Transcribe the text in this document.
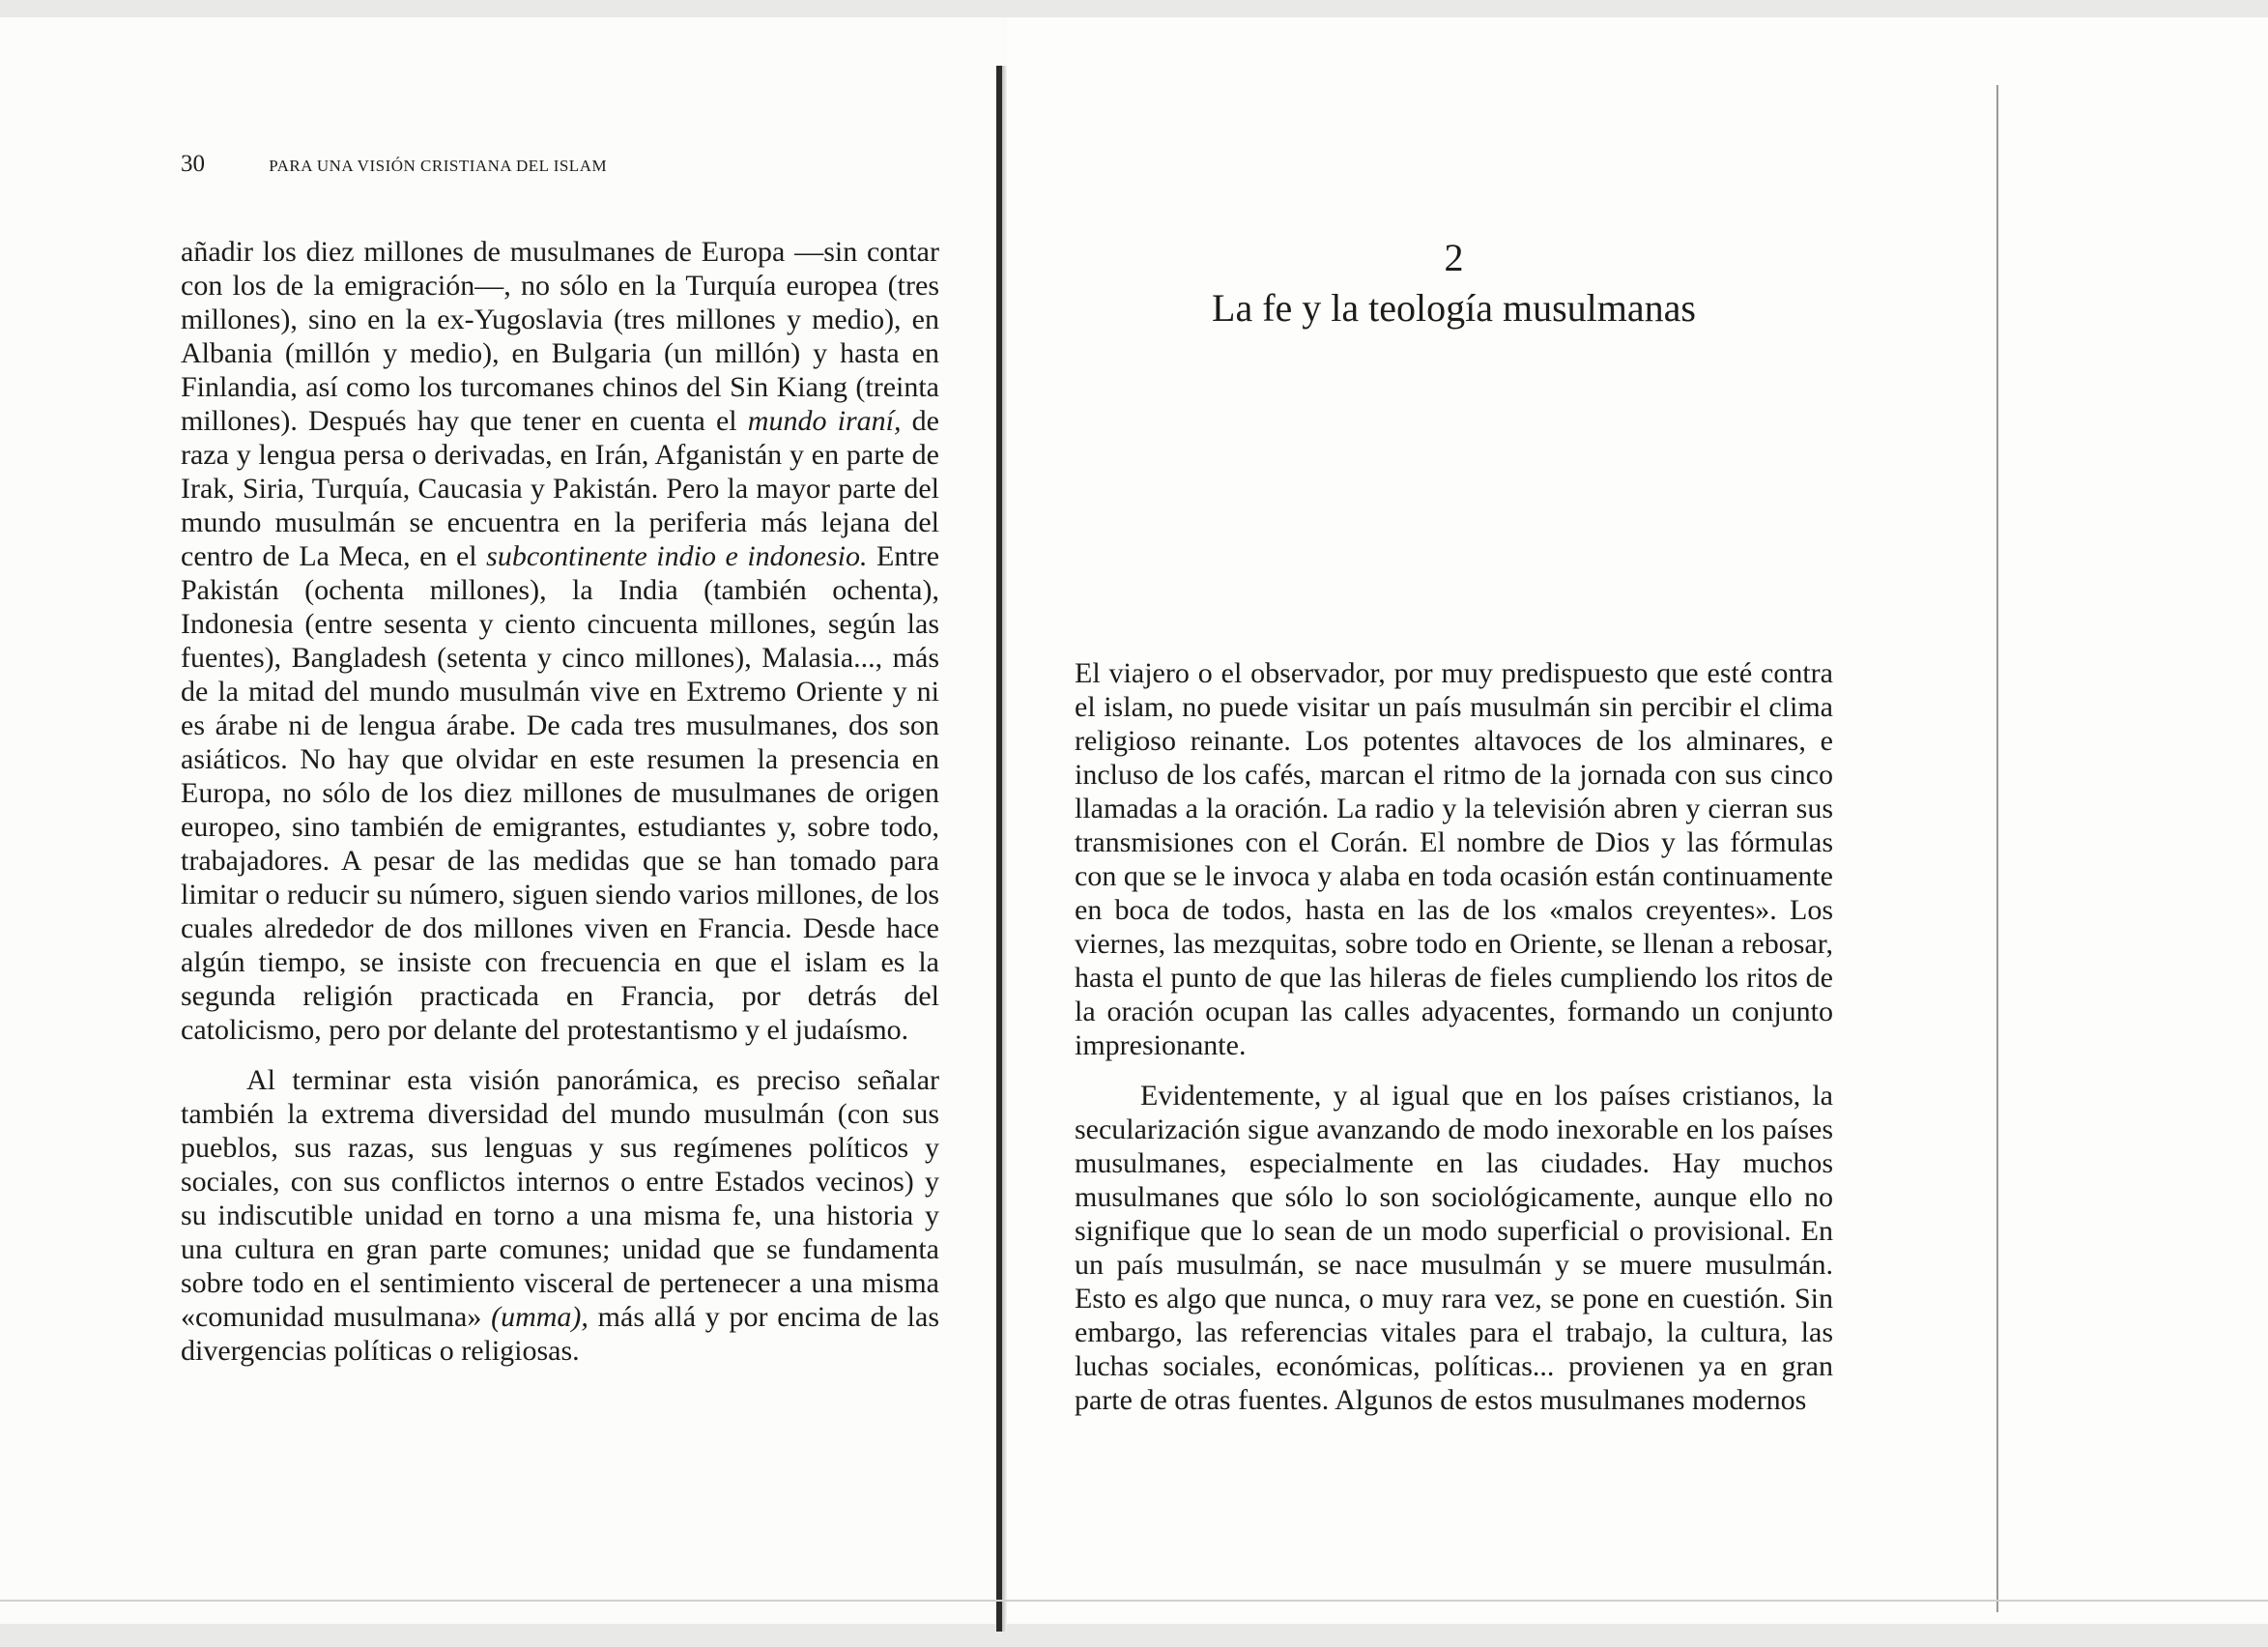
30	PARA UNA VISIÓN CRISTIANA DEL ISLAM

añadir los diez millones de musulmanes de Europa —sin contar con los de la emigración—, no sólo en la Turquía europea (tres millones), sino en la ex-Yugoslavia (tres millones y medio), en Albania (millón y medio), en Bulgaria (un millón) y hasta en Finlandia, así como los turcomanes chinos del Sin Kiang (treinta millones). Después hay que tener en cuenta el mundo iraní, de raza y lengua persa o derivadas, en Irán, Afganistán y en parte de Irak, Siria, Turquía, Caucasia y Pakistán. Pero la mayor parte del mundo musulmán se encuentra en la periferia más lejana del centro de La Meca, en el subcontinente indio e indonesio. Entre Pakistán (ochenta millones), la India (también ochenta), Indonesia (entre sesenta y ciento cincuenta millones, según las fuentes), Bangladesh (setenta y cinco millones), Malasia..., más de la mitad del mundo musulmán vive en Extremo Oriente y ni es árabe ni de lengua árabe. De cada tres musulmanes, dos son asiáticos. No hay que olvidar en este resumen la presencia en Europa, no sólo de los diez millones de musulmanes de origen europeo, sino también de emigrantes, estudiantes y, sobre todo, trabajadores. A pesar de las medidas que se han tomado para limitar o reducir su número, siguen siendo varios millones, de los cuales alrededor de dos millones viven en Francia. Desde hace algún tiempo, se insiste con frecuencia en que el islam es la segunda religión practicada en Francia, por detrás del catolicismo, pero por delante del protestantismo y el judaísmo.

Al terminar esta visión panorámica, es preciso señalar también la extrema diversidad del mundo musulmán (con sus pueblos, sus razas, sus lenguas y sus regímenes políticos y sociales, con sus conflictos internos o entre Estados vecinos) y su indiscutible unidad en torno a una misma fe, una historia y una cultura en gran parte comunes; unidad que se fundamenta sobre todo en el sentimiento visceral de pertenecer a una misma «comunidad musulmana» (umma), más allá y por encima de las divergencias políticas o religiosas.

2
La fe y la teología musulmanas

El viajero o el observador, por muy predispuesto que esté contra el islam, no puede visitar un país musulmán sin percibir el clima religioso reinante. Los potentes altavoces de los alminares, e incluso de los cafés, marcan el ritmo de la jornada con sus cinco llamadas a la oración. La radio y la televisión abren y cierran sus transmisiones con el Corán. El nombre de Dios y las fórmulas con que se le invoca y alaba en toda ocasión están continuamente en boca de todos, hasta en las de los «malos creyentes». Los viernes, las mezquitas, sobre todo en Oriente, se llenan a rebosar, hasta el punto de que las hileras de fieles cumpliendo los ritos de la oración ocupan las calles adyacentes, formando un conjunto impresionante.

Evidentemente, y al igual que en los países cristianos, la secularización sigue avanzando de modo inexorable en los países musulmanes, especialmente en las ciudades. Hay muchos musulmanes que sólo lo son sociológicamente, aunque ello no signifique que lo sean de un modo superficial o provisional. En un país musulmán, se nace musulmán y se muere musulmán. Esto es algo que nunca, o muy rara vez, se pone en cuestión. Sin embargo, las referencias vitales para el trabajo, la cultura, las luchas sociales, económicas, políticas... provienen ya en gran parte de otras fuentes. Algunos de estos musulmanes modernos
